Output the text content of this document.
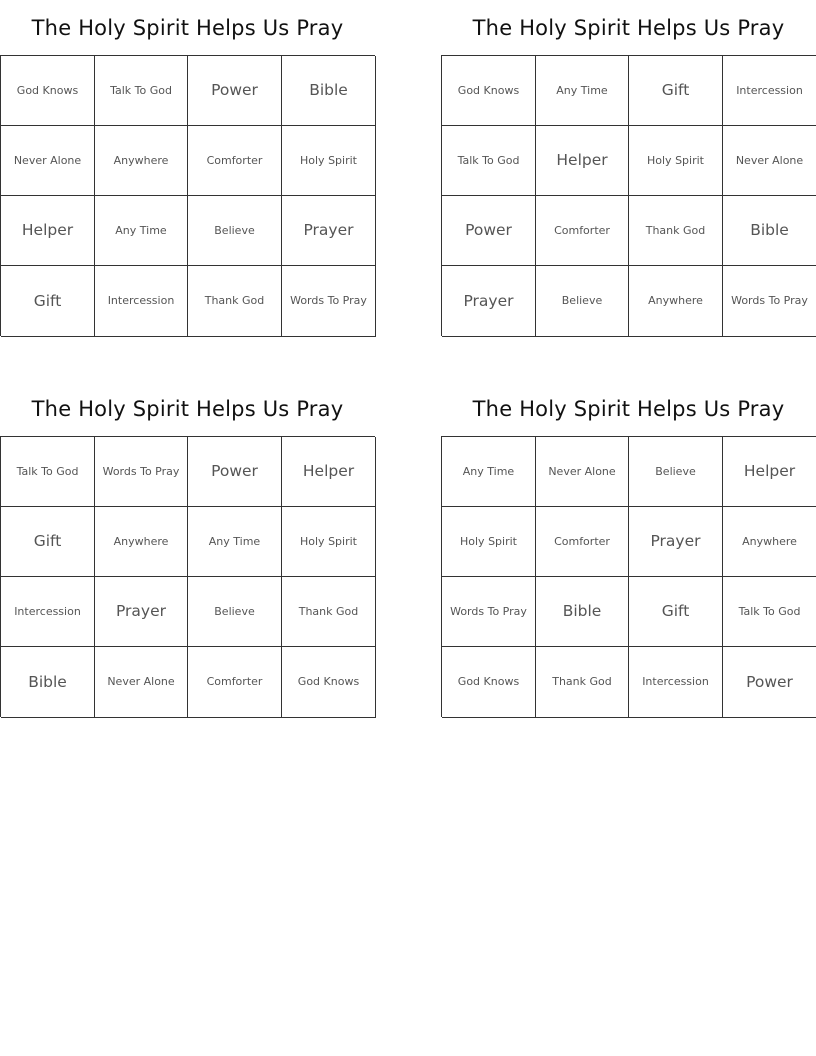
The Holy Spirit Helps Us Pray
God Knows	Talk To God	Power	Bible
Never Alone	Anywhere	Comforter	Holy Spirit
Helper	Any Time	Believe	Prayer
Gift	Intercession	Thank God	Words To Pray
The Holy Spirit Helps Us Pray
God Knows	Any Time	Gift	Intercession
Talk To God	Helper	Holy Spirit	Never Alone
Power	Comforter	Thank God	Bible
Prayer	Believe	Anywhere	Words To Pray
The Holy Spirit Helps Us Pray
Talk To God	Words To Pray	Power	Helper
Gift	Anywhere	Any Time	Holy Spirit
Intercession	Prayer	Believe	Thank God
Bible	Never Alone	Comforter	God Knows
The Holy Spirit Helps Us Pray
Any Time	Never Alone	Believe	Helper
Holy Spirit	Comforter	Prayer	Anywhere
Words To Pray	Bible	Gift	Talk To God
God Knows	Thank God	Intercession	Power
